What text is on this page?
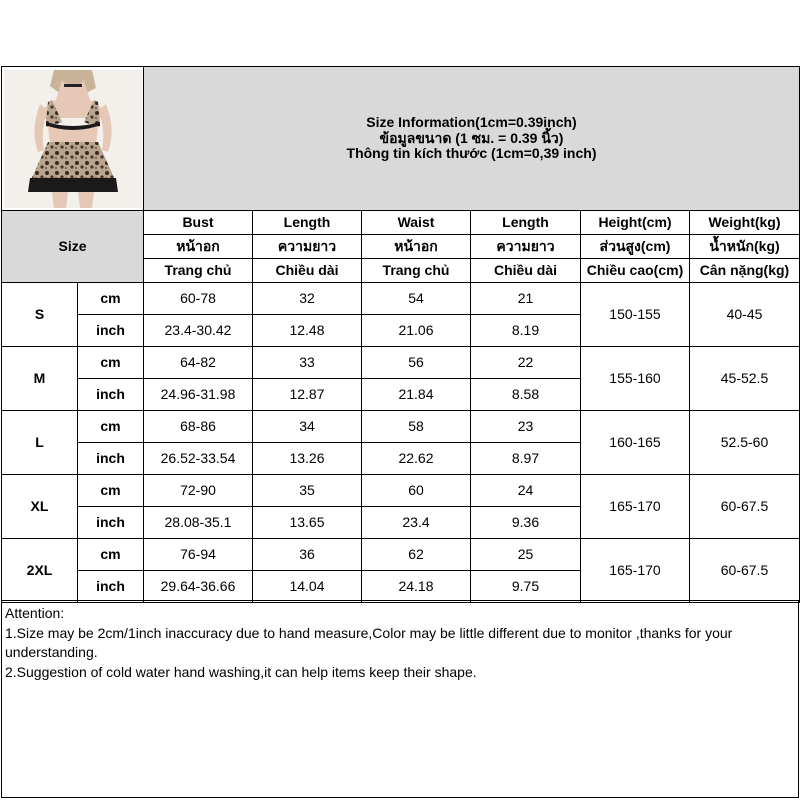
Size Information(1cm=0.39inch)
ข้อมูลขนาด (1 ซม. = 0.39 นิ้ว)
Thông tin kích thước (1cm=0,39 inch)					

Size		Bust	Length	Waist	Length	Height(cm)	Weight(kg)
		หน้าอก	ความยาว	หน้าอก	ความยาว	ส่วนสูง(cm)	น้ำหนัก(kg)
		Trang chủ	Chiều dài	Trang chủ	Chiều dài	Chiều cao(cm)	Cân nặng(kg)
S	cm	60-78	32	54	21	150-155	40-45
	inch	23.4-30.42	12.48	21.06	8.19		
M	cm	64-82	33	56	22	155-160	45-52.5
	inch	24.96-31.98	12.87	21.84	8.58		
L	cm	68-86	34	58	23	160-165	52.5-60
	inch	26.52-33.54	13.26	22.62	8.97		
XL	cm	72-90	35	60	24	165-170	60-67.5
	inch	28.08-35.1	13.65	23.4	9.36		
2XL	cm	76-94	36	62	25	165-170	60-67.5
	inch	29.64-36.66	14.04	24.18	9.75		
Attention:
1.Size may be 2cm/1inch inaccuracy due to hand measure,Color may be little different due to monitor ,thanks for your understanding.
2.Suggestion of cold water hand washing,it can help items keep their shape.
